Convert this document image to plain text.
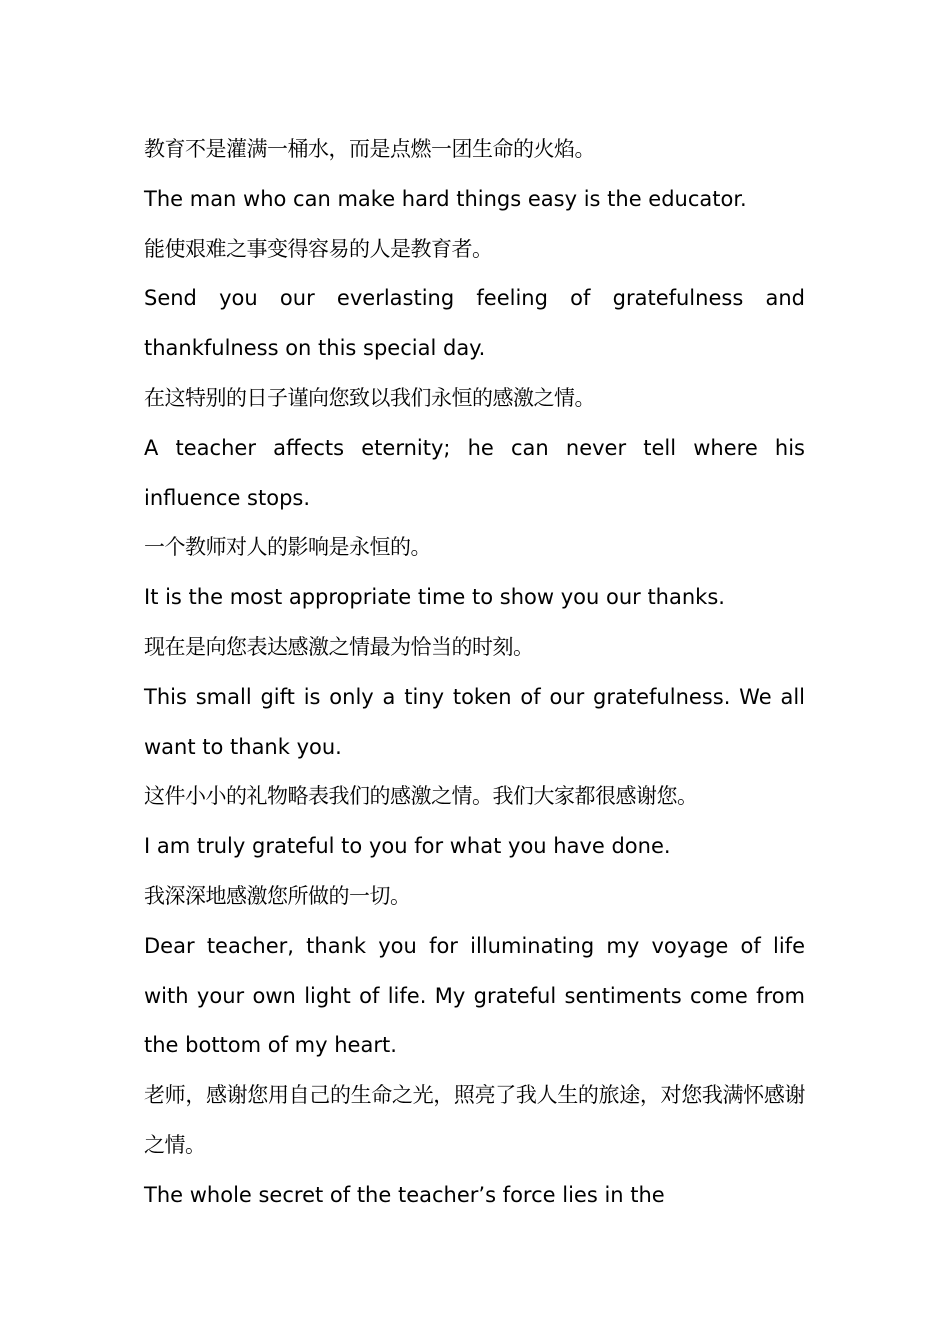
教育不是灌满一桶水，而是点燃一团生命的火焰。

The man who can make hard things easy is the educator.

能使艰难之事变得容易的人是教育者。

Send you our everlasting feeling of gratefulness and thankfulness on this special day.

在这特别的日子谨向您致以我们永恒的感激之情。

A teacher affects eternity; he can never tell where his influence stops.

一个教师对人的影响是永恒的。

It is the most appropriate time to show you our thanks.

现在是向您表达感激之情最为恰当的时刻。

This small gift is only a tiny token of our gratefulness. We all want to thank you.

这件小小的礼物略表我们的感激之情。我们大家都很感谢您。

I am truly grateful to you for what you have done.

我深深地感激您所做的一切。

Dear teacher, thank you for illuminating my voyage of life with your own light of life. My grateful sentiments come from the bottom of my heart.

老师，感谢您用自己的生命之光，照亮了我人生的旅途，对您我满怀感谢之情。

The whole secret of the teacher’s force lies in the
